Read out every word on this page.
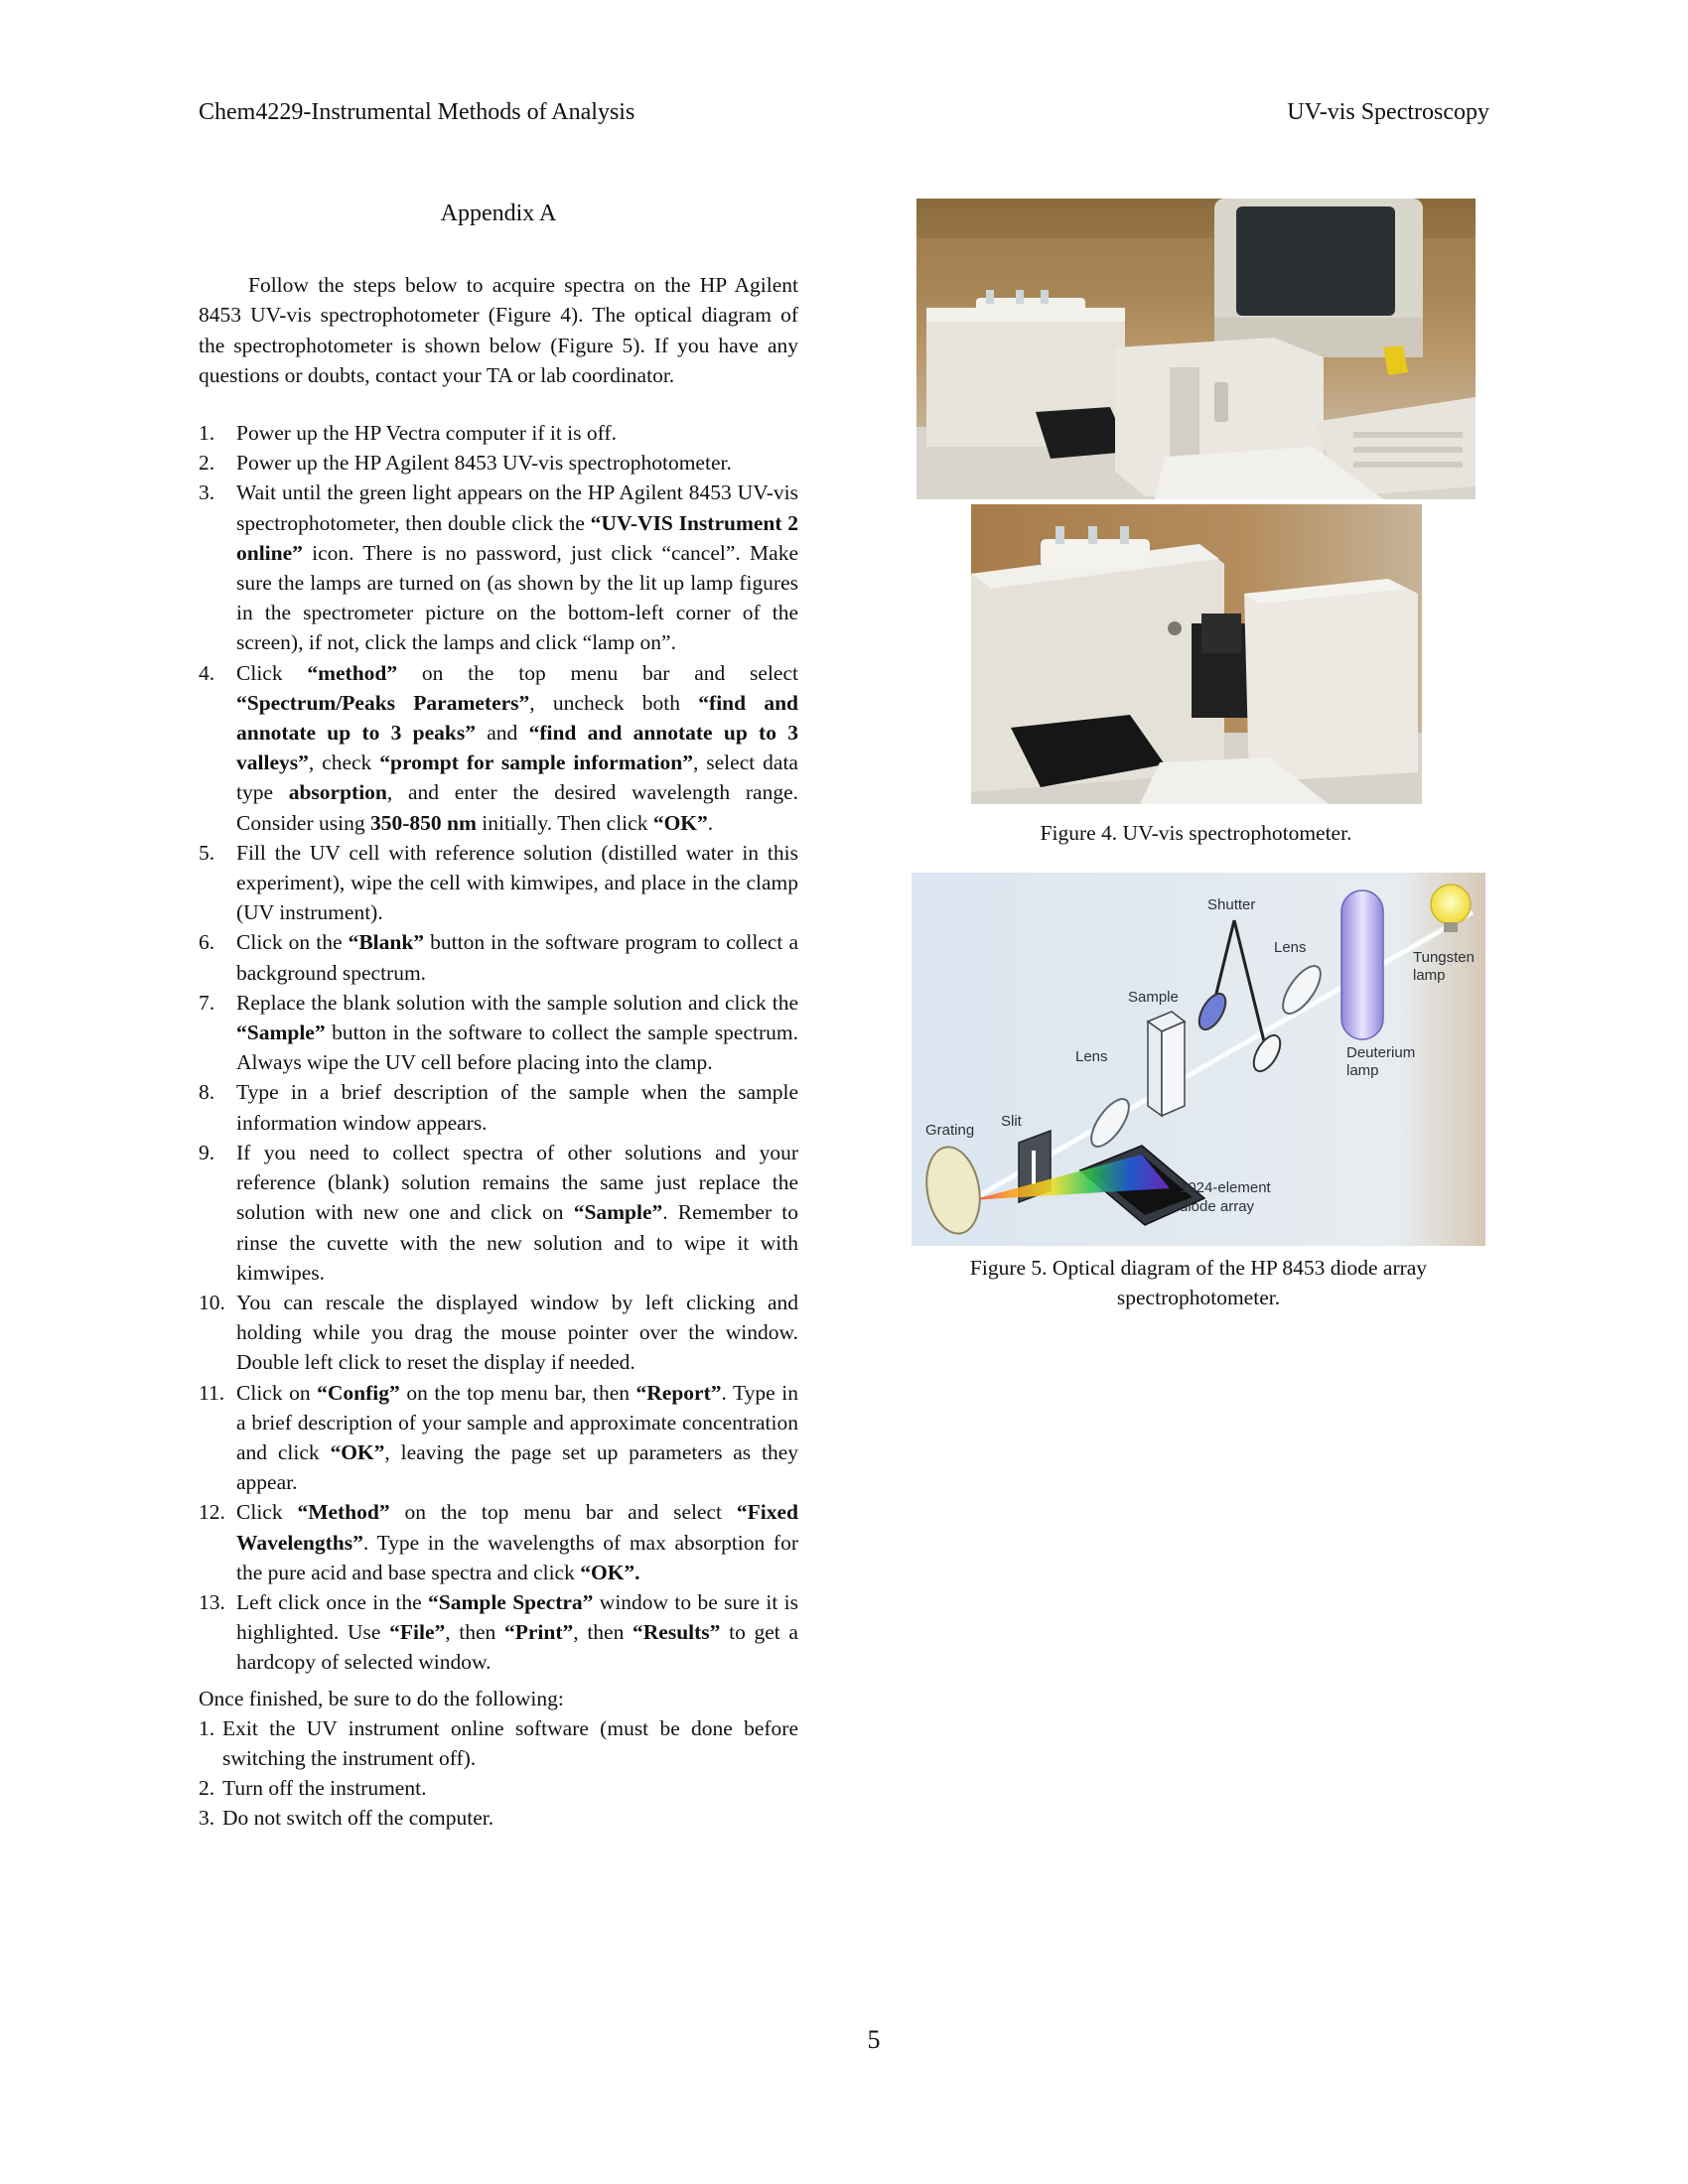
Chem4229-Instrumental Methods of Analysis	UV-vis Spectroscopy
Appendix A

Follow the steps below to acquire spectra on the HP Agilent 8453 UV-vis spectrophotometer (Figure 4). The optical diagram of the spectrophotometer is shown below (Figure 5). If you have any questions or doubts, contact your TA or lab coordinator.

1. Power up the HP Vectra computer if it is off.
2. Power up the HP Agilent 8453 UV-vis spectrophotometer.
3. Wait until the green light appears on the HP Agilent 8453 UV-vis spectrophotometer, then double click the “UV-VIS Instrument 2 online” icon. There is no password, just click “cancel”. Make sure the lamps are turned on (as shown by the lit up lamp figures in the spectrometer picture on the bottom-left corner of the screen), if not, click the lamps and click “lamp on”.
4. Click “method” on the top menu bar and select “Spectrum/Peaks Parameters”, uncheck both “find and annotate up to 3 peaks” and “find and annotate up to 3 valleys”, check “prompt for sample information”, select data type absorption, and enter the desired wavelength range. Consider using 350-850 nm initially. Then click “OK”.
5. Fill the UV cell with reference solution (distilled water in this experiment), wipe the cell with kimwipes, and place in the clamp (UV instrument).
6. Click on the “Blank” button in the software program to collect a background spectrum.
7. Replace the blank solution with the sample solution and click the “Sample” button in the software to collect the sample spectrum. Always wipe the UV cell before placing into the clamp.
8. Type in a brief description of the sample when the sample information window appears.
9. If you need to collect spectra of other solutions and your reference (blank) solution remains the same just replace the solution with new one and click on “Sample”. Remember to rinse the cuvette with the new solution and to wipe it with kimwipes.
10. You can rescale the displayed window by left clicking and holding while you drag the mouse pointer over the window. Double left click to reset the display if needed.
11. Click on “Config” on the top menu bar, then “Report”. Type in a brief description of your sample and approximate concentration and click “OK”, leaving the page set up parameters as they appear.
12. Click “Method” on the top menu bar and select “Fixed Wavelengths”. Type in the wavelengths of max absorption for the pure acid and base spectra and click “OK”.
13. Left click once in the “Sample Spectra” window to be sure it is highlighted. Use “File”, then “Print”, then “Results” to get a hardcopy of selected window.
Once finished, be sure to do the following:
1. Exit the UV instrument online software (must be done before switching the instrument off).
2. Turn off the instrument.
3. Do not switch off the computer.
Figure 4. UV-vis spectrophotometer.
Shutter
Lens
Tungsten
lamp
Sample
Lens	Deuterium
lamp
Slit
Grating
1024-element
diode array
Figure 5. Optical diagram of the HP 8453 diode array spectrophotometer.
5
